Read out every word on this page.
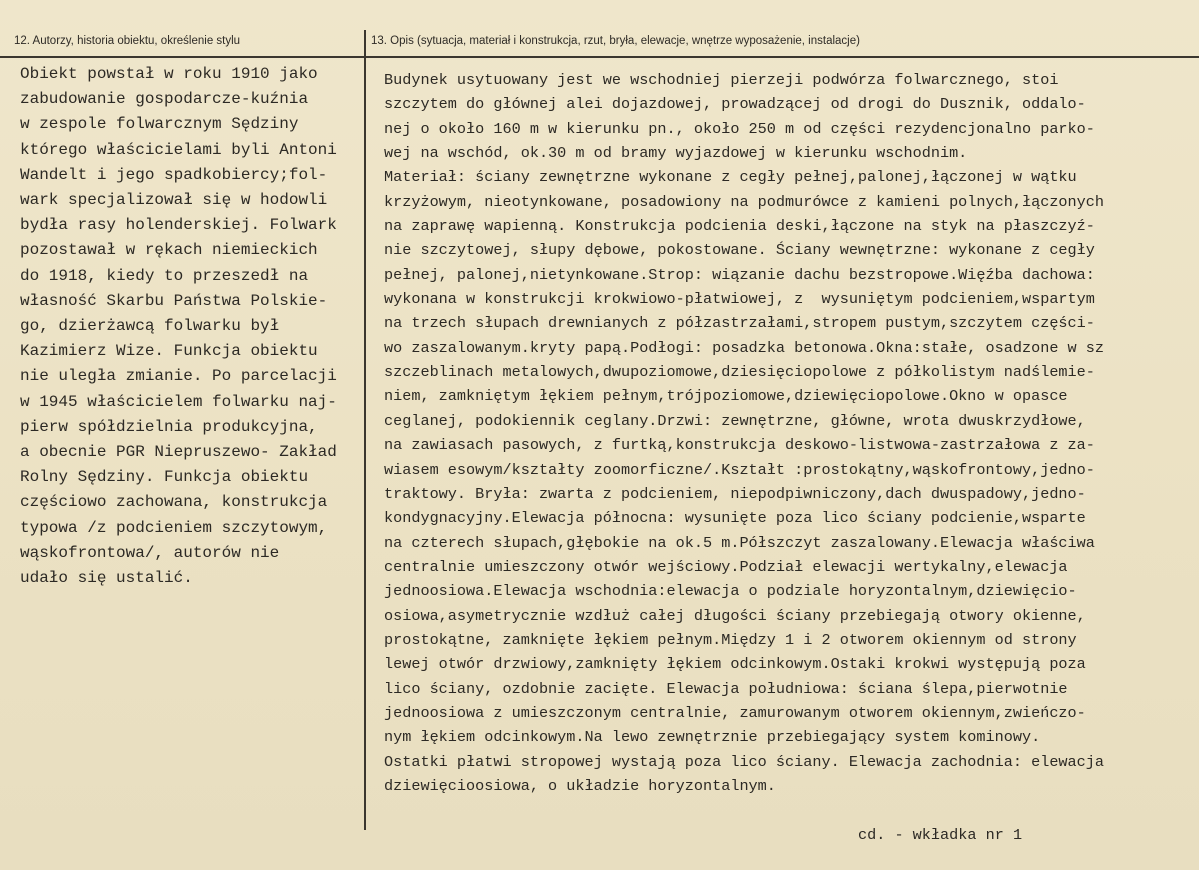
12. Autorzy, historia obiektu, określenie stylu	13. Opis (sytuacja, materiał i konstrukcja, rzut, bryła, elewacje, wnętrze wyposażenie, instalacje)
Obiekt powstał w roku 1910 jako
zabudowanie gospodarcze-kuźnia
w zespole folwarcznym Sędziny
którego właścicielami byli Antoni
Wandelt i jego spadkobiercy;fol-
wark specjalizował się w hodowli
bydła rasy holenderskiej. Folwark
pozostawał w rękach niemieckich
do 1918, kiedy to przeszedł na
własność Skarbu Państwa Polskie-
go, dzierżawcą folwarku był
Kazimierz Wize. Funkcja obiektu
nie uległa zmianie. Po parcelacji
w 1945 właścicielem folwarku naj-
pierw spółdzielnia produkcyjna,
a obecnie PGR Niepruszewo- Zakład
Rolny Sędziny. Funkcja obiektu
częściowo zachowana, konstrukcja
typowa /z podcieniem szczytowym,
wąskofrontowa/, autorów nie
udało się ustalić.
Budynek usytuowany jest we wschodniej pierzeji podwórza folwarcznego, stoi
szczytem do głównej alei dojazdowej, prowadzącej od drogi do Dusznik, oddalo-
nej o około 160 m w kierunku pn., około 250 m od części rezydencjonalno parko-
wej na wschód, ok.30 m od bramy wyjazdowej w kierunku wschodnim.
Materiał: ściany zewnętrzne wykonane z cegły pełnej,palonej,łączonej w wątku
krzyżowym, nieotynkowane, posadowiony na podmurówce z kamieni polnych,łączonych
na zaprawę wapienną. Konstrukcja podcienia deski,łączone na styk na płaszczyź-
nie szczytowej, słupy dębowe, pokostowane. Ściany wewnętrzne: wykonane z cegły
pełnej, palonej,nietynkowane.Strop: wiązanie dachu bezstropowe.Więźba dachowa:
wykonana w konstrukcji krokwiowo-płatwiowej, z  wysuniętym podcieniem,wspartym
na trzech słupach drewnianych z półzastrzałami,stropem pustym,szczytem części-
wo zaszalowanym.kryty papą.Podłogi: posadzka betonowa.Okna:stałe, osadzone w sz
szczeblinach metalowych,dwupoziomowe,dziesięciopolowe z półkolistym nadślemie-
niem, zamkniętym łękiem pełnym,trójpoziomowe,dziewięciopolowe.Okno w opasce
ceglanej, podokiennik ceglany.Drzwi: zewnętrzne, główne, wrota dwuskrzydłowe,
na zawiasach pasowych, z furtką,konstrukcja deskowo-listwowa-zastrzałowa z za-
wiasem esowym/kształty zoomorficzne/.Kształt :prostokątny,wąskofrontowy,jedno-
traktowy. Bryła: zwarta z podcieniem, niepodpiwniczony,dach dwuspadowy,jedno-
kondygnacyjny.Elewacja północna: wysunięte poza lico ściany podcienie,wsparte
na czterech słupach,głębokie na ok.5 m.Półszczyt zaszalowany.Elewacja właściwa
centralnie umieszczony otwór wejściowy.Podział elewacji wertykalny,elewacja
jednoosiowa.Elewacja wschodnia:elewacja o podziale horyzontalnym,dziewięcio-
osiowa,asymetrycznie wzdłuż całej długości ściany przebiegają otwory okienne,
prostokątne, zamknięte łękiem pełnym.Między 1 i 2 otworem okiennym od strony
lewej otwór drzwiowy,zamknięty łękiem odcinkowym.Ostaki krokwi występują poza
lico ściany, ozdobnie zacięte. Elewacja południowa: ściana ślepa,pierwotnie
jednoosiowa z umieszczonym centralnie, zamurowanym otworem okiennym,zwieńczo-
nym łękiem odcinkowym.Na lewo zewnętrznie przebiegający system kominowy.
Ostatki płatwi stropowej wystają poza lico ściany. Elewacja zachodnia: elewacja
dziewięcioosiowa, o układzie horyzontalnym.
cd. - wkładka nr 1
